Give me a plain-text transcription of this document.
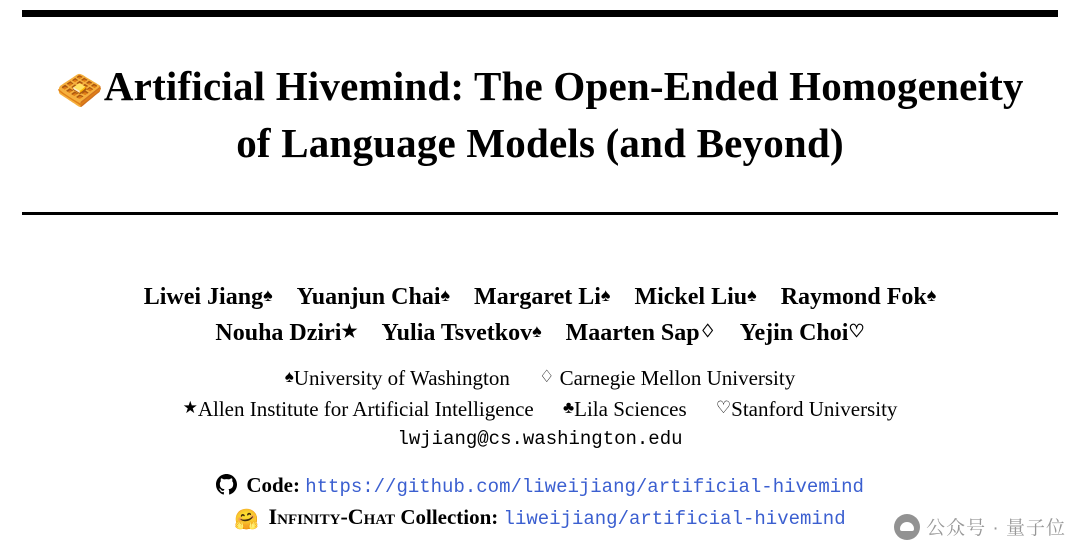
🧇Artificial Hivemind: The Open-Ended Homogeneity
of Language Models (and Beyond)
Liwei Jiang♠ Yuanjun Chai♠ Margaret Li♠ Mickel Liu♠ Raymond Fok♠
Nouha Dziri★ Yulia Tsvetkov♠ Maarten Sap♢ Yejin Choi♡
♠University of Washington ♢ Carnegie Mellon University
★Allen Institute for Artificial Intelligence ♣Lila Sciences ♡Stanford University
lwjiang@cs.washington.edu
Code: https://github.com/liweijiang/artificial-hivemind
🤗 Infinity-Chat Collection: liweijiang/artificial-hivemind	公众号 · 量子位
